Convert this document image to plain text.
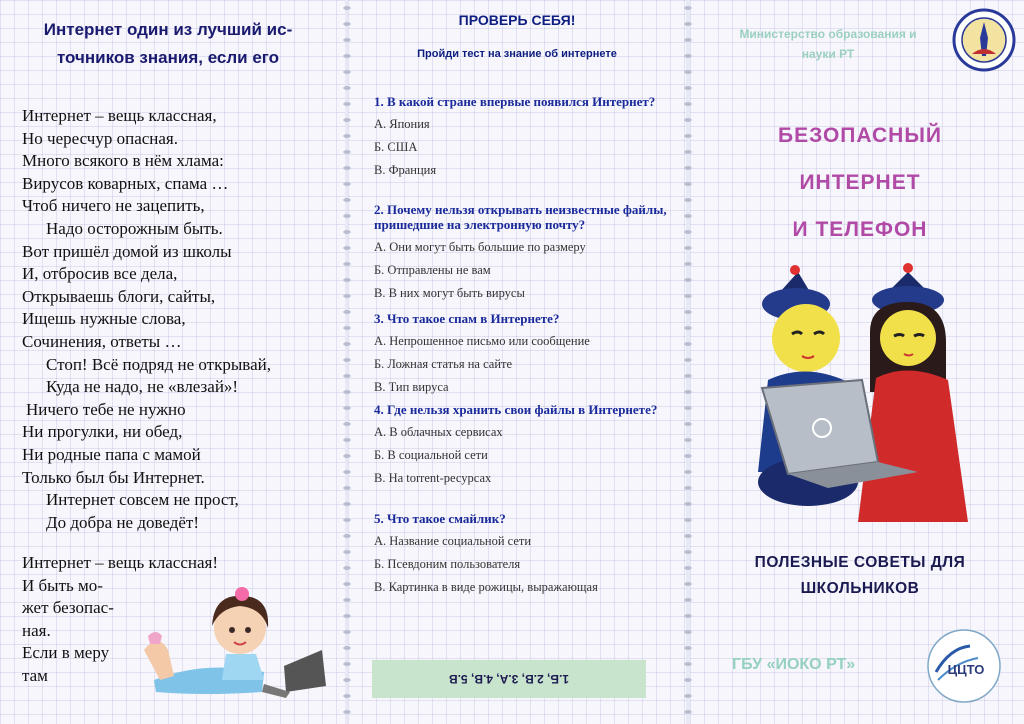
Интернет один из лучший ис-
точников знания, если его
Интернет – вещь классная,
Но чересчур опасная.
Много всякого в нём хлама:
Вирусов коварных, спама …
Чтоб ничего не зацепить,
Надо осторожным быть.
Вот пришёл домой из школы
И, отбросив все дела,
Открываешь блоги, сайты,
Ищешь нужные слова,
Сочинения, ответы …
Стоп! Всё подряд не открывай,
Куда не надо, не «влезай»!
Ничего тебе не нужно
Ни прогулки, ни обед,
Ни родные папа с мамой
Только был бы Интернет.
Интернет совсем не прост,
До добра не доведёт!
Интернет – вещь классная!
И быть мо-
жет безопас-
ная.
Если в меру
там
ПРОВЕРЬ СЕБЯ!
Пройди тест на знание об интернете
1. В какой стране впервые появился Интернет?
А. Япония
Б. США
В. Франция
2. Почему нельзя открывать неизвестные файлы, пришедшие на электронную почту?
А. Они могут быть большие по размеру
Б. Отправлены не вам
В. В них могут быть вирусы
3. Что такое спам в Интернете?
А. Непрошенное письмо или сообщение
Б. Ложная статья на сайте
В. Тип вируса
4. Где нельзя хранить свои файлы в Интернете?
А. В облачных сервисах
Б. В социальной сети
В. На torrent-ресурсах
5. Что такое смайлик?
А. Название социальной сети
Б. Псевдоним пользователя
В. Картинка в виде рожицы, выражающая
1.Б, 2.В, 3.А, 4.В, 5.В
Министерство образования и
науки РТ
БЕЗОПАСНЫЙ
ИНТЕРНЕТ
И ТЕЛЕФОН
ПОЛЕЗНЫЕ СОВЕТЫ ДЛЯ
ШКОЛЬНИКОВ
ГБУ «ИОКО РТ»	ЦЦТО
